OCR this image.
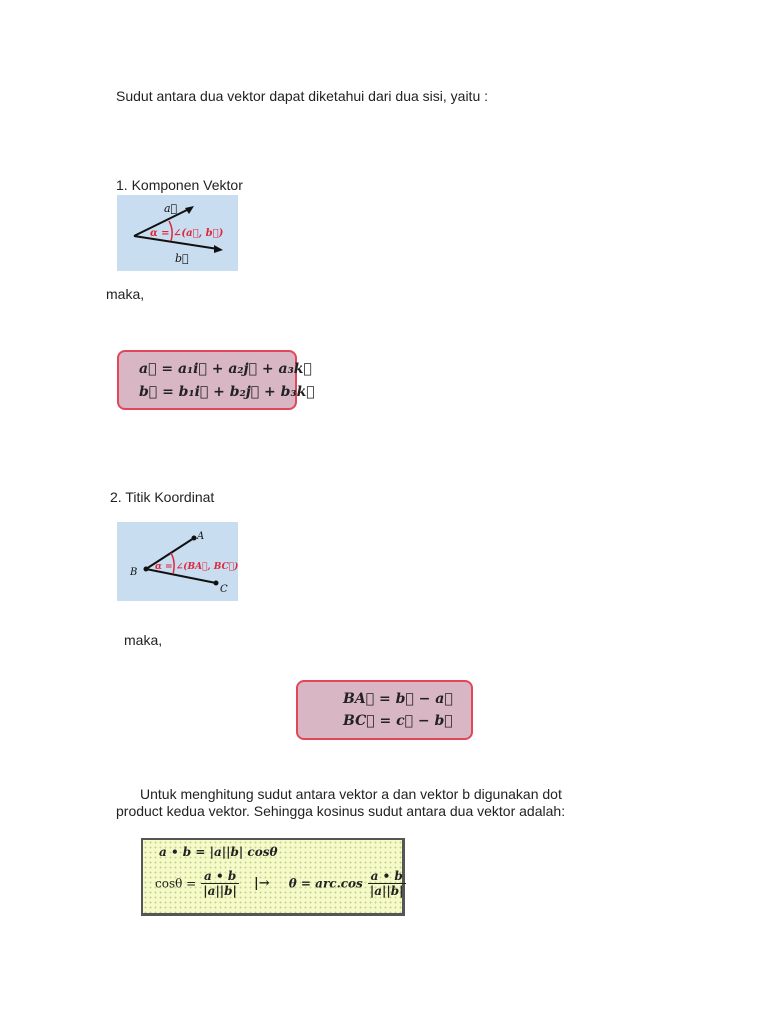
Sudut antara dua vektor dapat diketahui dari dua sisi, yaitu :
1. Komponen Vektor
a⃗
b⃗
α = ∠(a⃗, b⃗)
maka,
a⃗ = a₁i⃗ + a₂j⃗ + a₃k⃗
b⃗ = b₁i⃗ + b₂j⃗ + b₃k⃗
2. Titik Koordinat
A
B
C
α = ∠(BA⃗, BC⃗)
maka,
BA⃗ = b⃗ − a⃗
BC⃗ = c⃗ − b⃗
Untuk menghitung sudut antara vektor a dan vektor b digunakan dot
product kedua vektor. Sehingga kosinus sudut antara dua vektor adalah:
a • b = |a||b| cosθ
$\cos\theta = \frac{a • b}{|a||b|}$ |→ $\theta = arc.\cos \frac{a • b}{|a||b|}$
